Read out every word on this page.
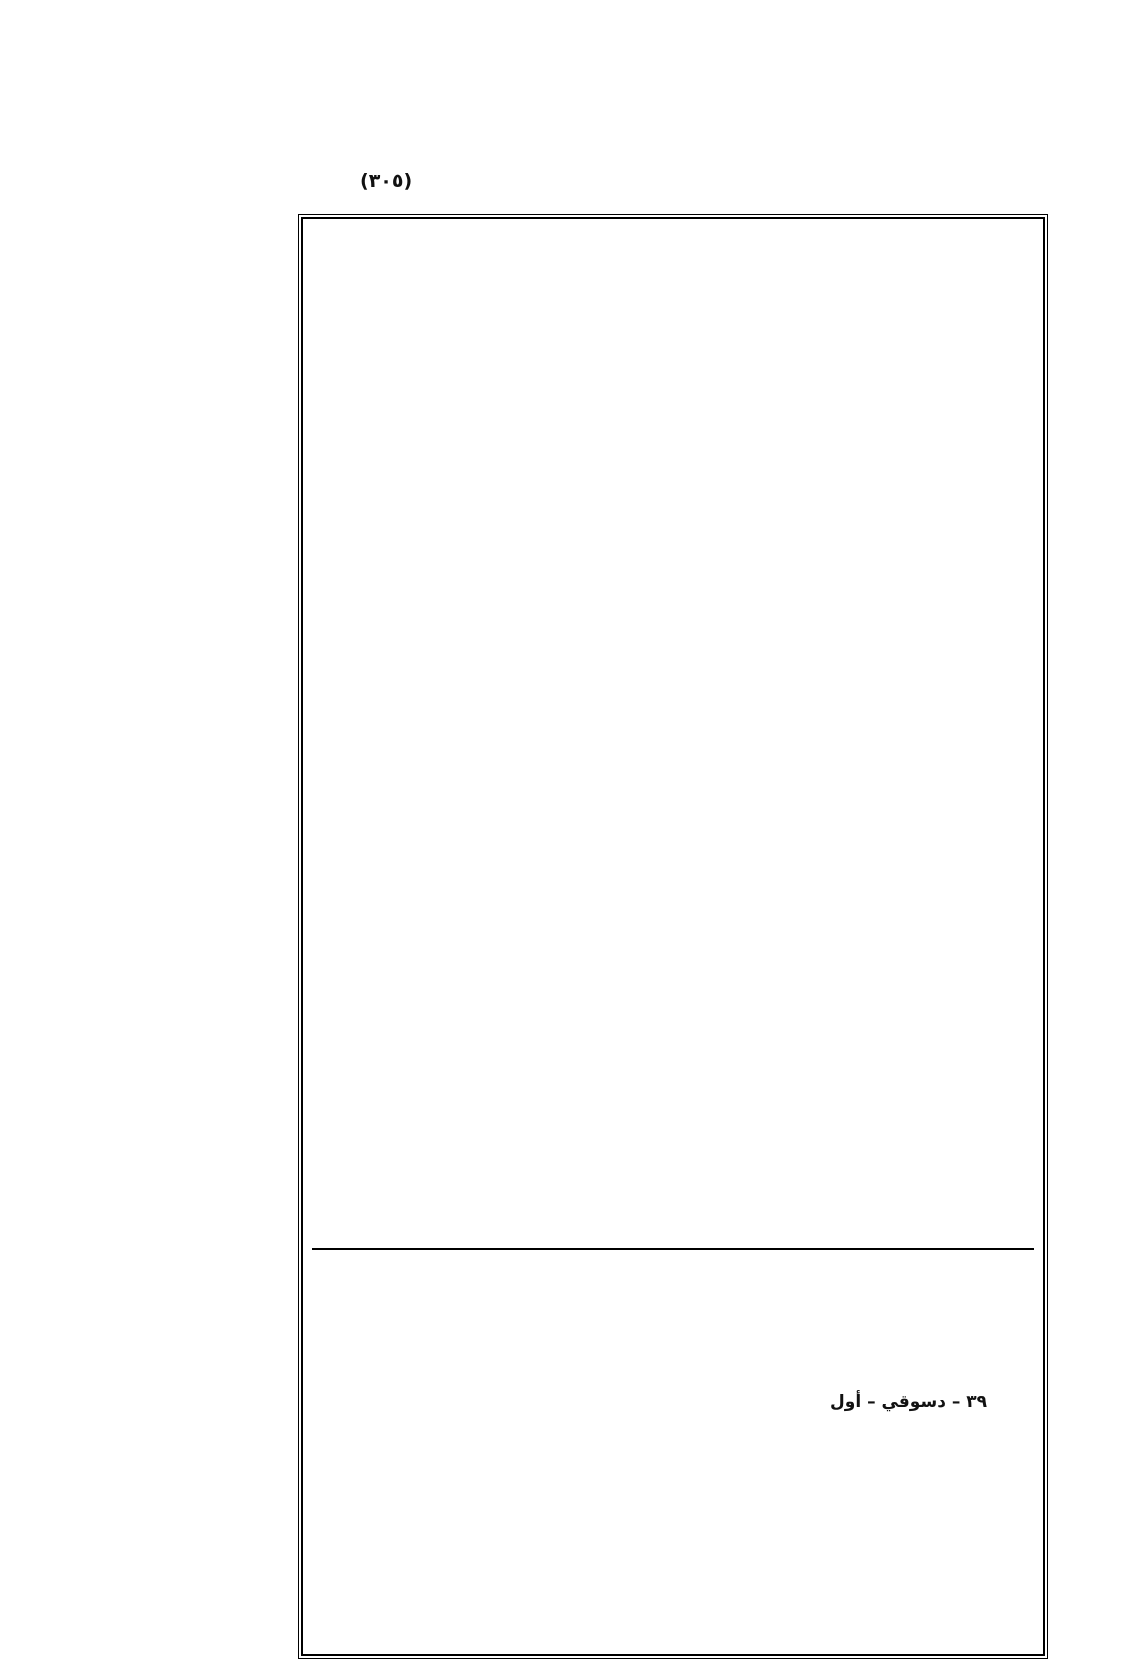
(٣٠٥)
٣٩ – دسوقي – أول
